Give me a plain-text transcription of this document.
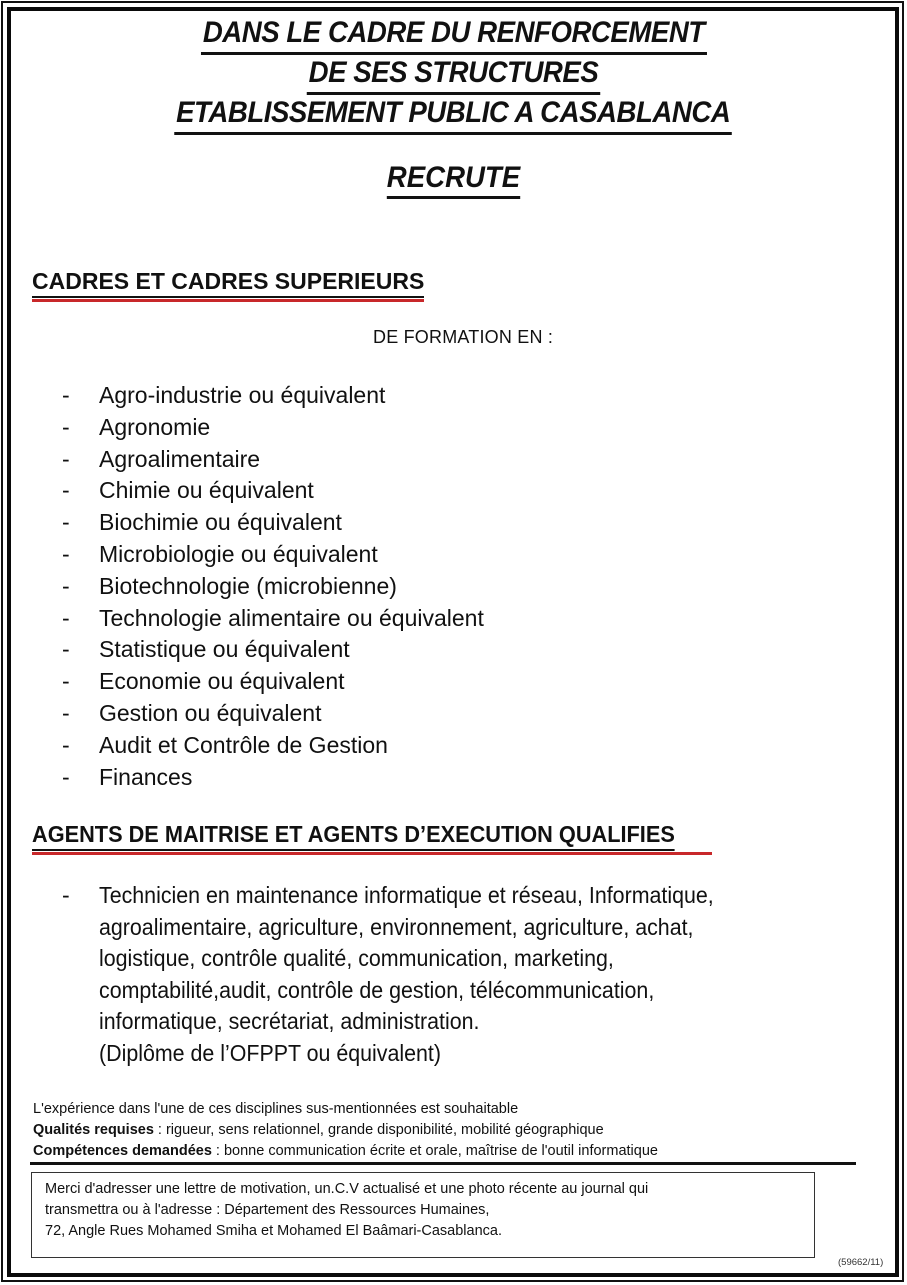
DANS LE CADRE DU RENFORCEMENT
DE SES STRUCTURES
ETABLISSEMENT PUBLIC A CASABLANCA
RECRUTE
CADRES ET CADRES SUPERIEURS
DE FORMATION EN :
-	Agro-industrie ou équivalent
-	Agronomie
-	Agroalimentaire
-	Chimie ou équivalent
-	Biochimie ou équivalent
-	Microbiologie ou équivalent
-	Biotechnologie (microbienne)
-	Technologie alimentaire ou équivalent
-	Statistique ou équivalent
-	Economie ou équivalent
-	Gestion ou équivalent
-	Audit et Contrôle de Gestion
-	Finances
AGENTS DE MAITRISE ET AGENTS D’EXECUTION QUALIFIES
- Technicien en maintenance informatique et réseau, Informatique,
agroalimentaire, agriculture, environnement, agriculture, achat,
logistique, contrôle qualité, communication, marketing,
comptabilité,audit, contrôle de gestion, télécommunication,
informatique, secrétariat, administration.
(Diplôme de l’OFPPT ou équivalent)
L'expérience dans l'une de ces disciplines sus-mentionnées est souhaitable
Qualités requises : rigueur, sens relationnel, grande disponibilité, mobilité géographique
Compétences demandées : bonne communication écrite et orale, maîtrise de l'outil informatique
Merci d'adresser une lettre de motivation, un.C.V actualisé et une photo récente au journal qui
transmettra ou à l'adresse : Département des Ressources Humaines,
72, Angle Rues Mohamed Smiha et Mohamed El Baâmari-Casablanca.
(59662/11)
